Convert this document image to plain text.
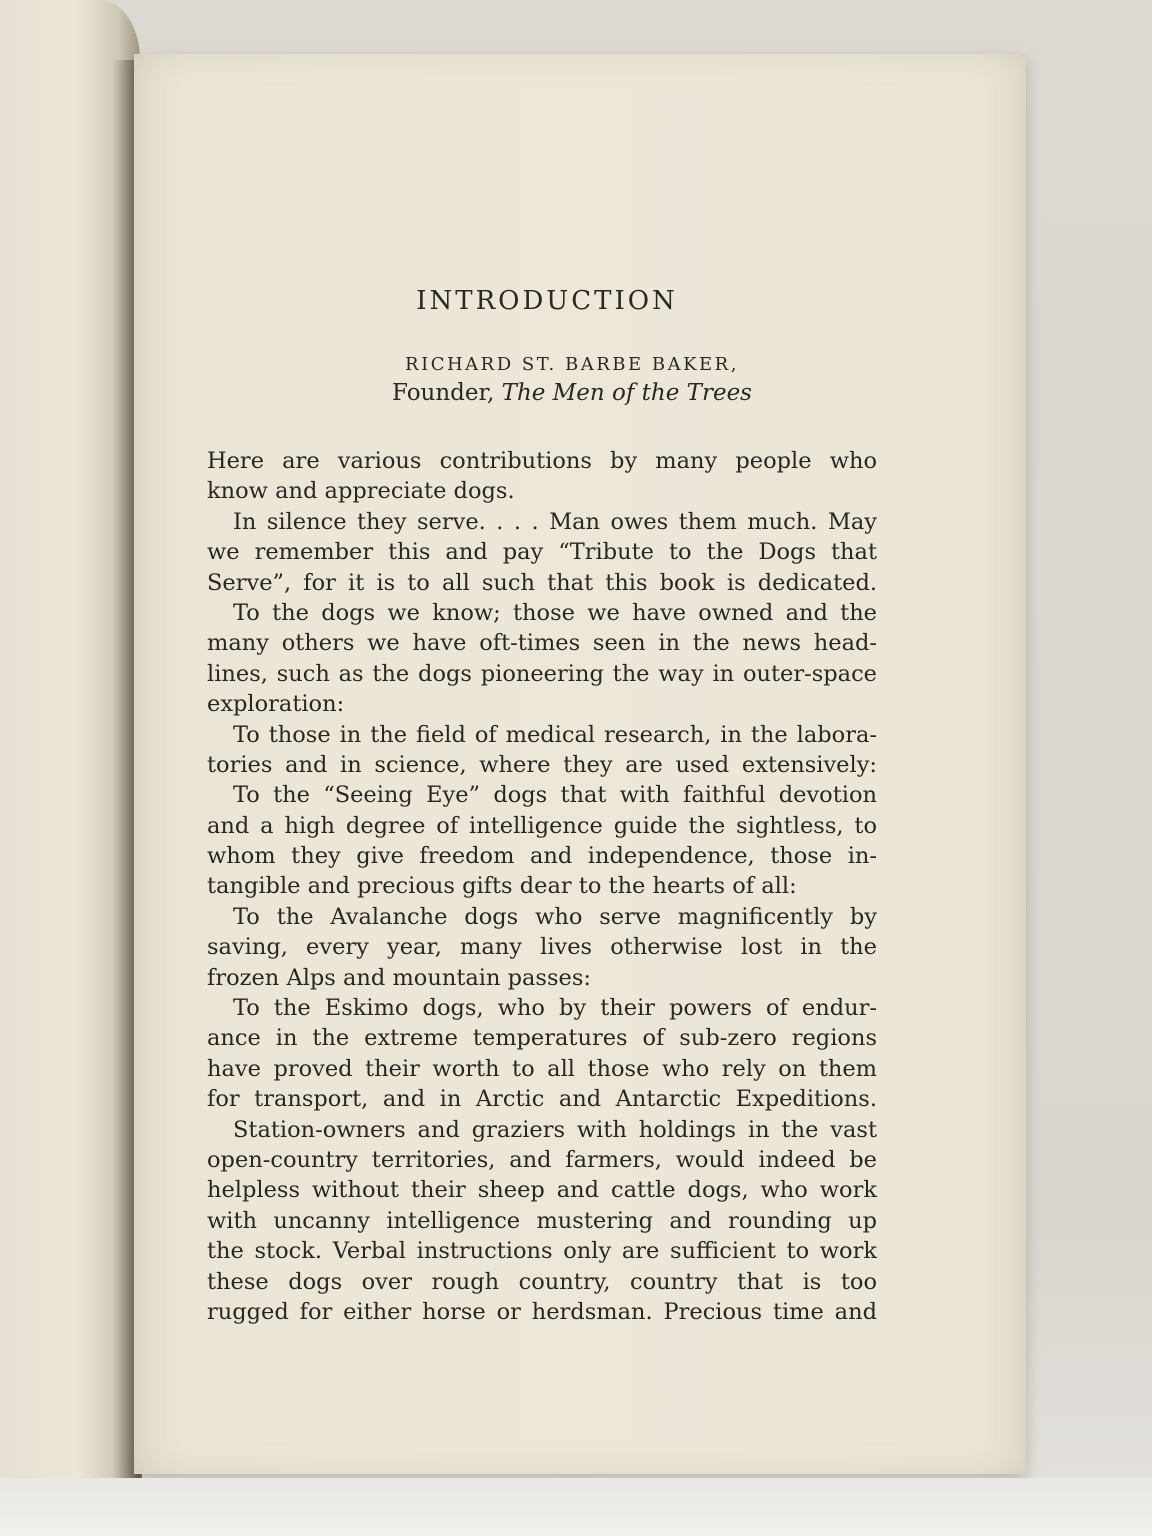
INTRODUCTION
RICHARD ST. BARBE BAKER,
Founder, The Men of the Trees
Here are various contributions by many people who
know and appreciate dogs.
In silence they serve. . . . Man owes them much. May
we remember this and pay “Tribute to the Dogs that
Serve”, for it is to all such that this book is dedicated.
To the dogs we know; those we have owned and the
many others we have oft-times seen in the news head-
lines, such as the dogs pioneering the way in outer-space
exploration:
To those in the field of medical research, in the labora-
tories and in science, where they are used extensively:
To the “Seeing Eye” dogs that with faithful devotion
and a high degree of intelligence guide the sightless, to
whom they give freedom and independence, those in-
tangible and precious gifts dear to the hearts of all:
To the Avalanche dogs who serve magnificently by
saving, every year, many lives otherwise lost in the
frozen Alps and mountain passes:
To the Eskimo dogs, who by their powers of endur-
ance in the extreme temperatures of sub-zero regions
have proved their worth to all those who rely on them
for transport, and in Arctic and Antarctic Expeditions.
Station-owners and graziers with holdings in the vast
open-country territories, and farmers, would indeed be
helpless without their sheep and cattle dogs, who work
with uncanny intelligence mustering and rounding up
the stock. Verbal instructions only are sufficient to work
these dogs over rough country, country that is too
rugged for either horse or herdsman. Precious time and
